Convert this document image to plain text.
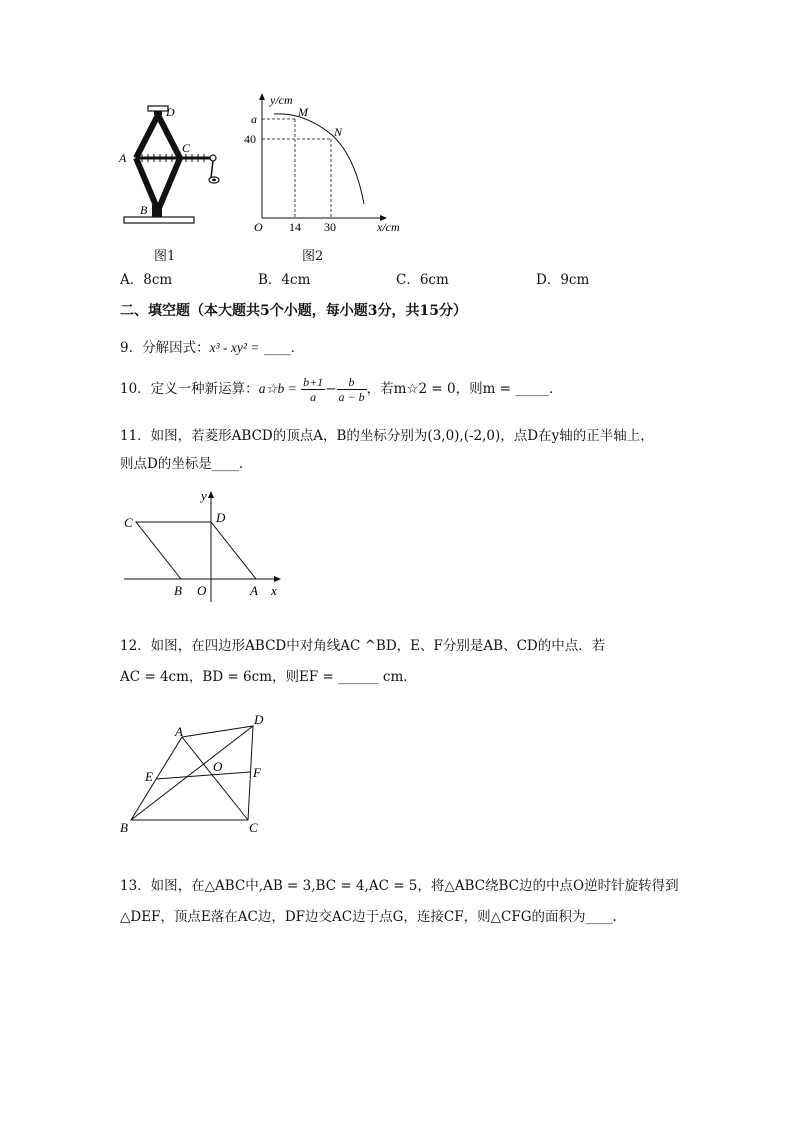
D
A
C
B
图1
y/cm
x/cm
O
a
40
14 30
M
N
图2
A．8cm	B．4cm	C．6cm	D．9cm
二、填空题（本大题共5个小题，每小题3分，共15分）
9．分解因式：x³ - xy² = ____．
10．定义一种新运算：a☆b = $\frac{b+1}{a} - \frac{b}{a - b}$ ，若m☆2 = 0，则m = _____．
11．如图，若菱形ABCD的顶点A，B的坐标分别为(3,0),(-2,0)，点D在y轴的正半轴上，
则点D的坐标是____.
C	D
B O	A x
y
12．如图，在四边形ABCD中对角线AC ^BD，E、F分别是AB、CD的中点．若
AC = 4cm，BD = 6cm，则EF = ______ cm．
A
D
E
O F
B	C
13．如图，在△ABC中,AB = 3,BC = 4,AC = 5，将△ABC绕BC边的中点O逆时针旋转得到
△DEF，顶点E落在AC边，DF边交AC边于点G，连接CF，则△CFG的面积为____.
